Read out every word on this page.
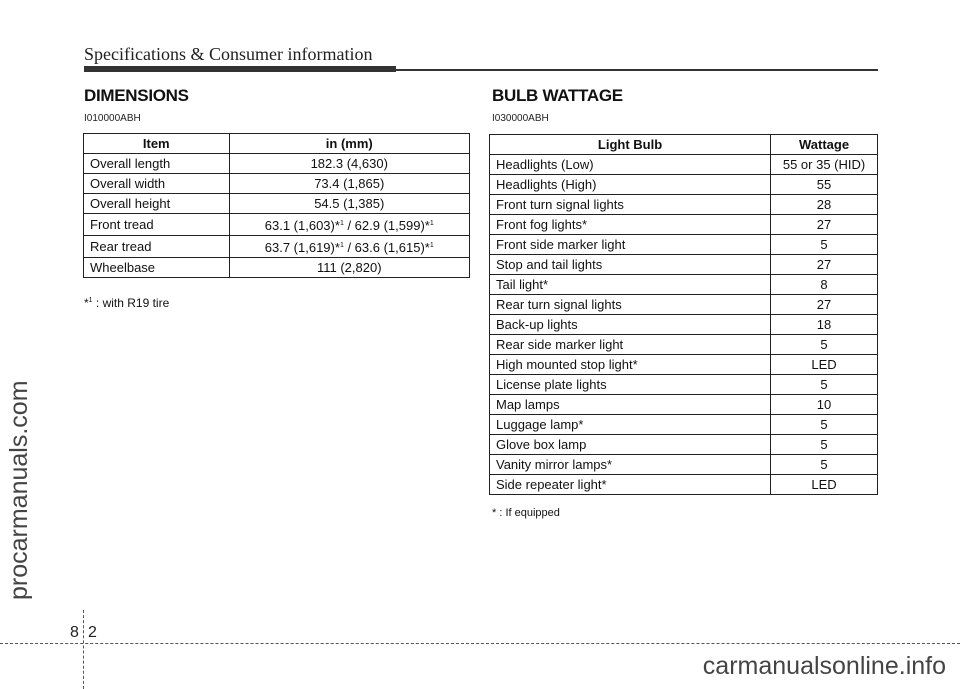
Specifications & Consumer information
DIMENSIONS
I010000ABH
Item	in (mm)
Overall length	182.3 (4,630)
Overall width	73.4 (1,865)
Overall height	54.5 (1,385)
Front tread	63.1 (1,603)*$^1$ / 62.9 (1,599)*$^1$
Rear tread	63.7 (1,619)*$^1$ / 63.6 (1,615)*$^1$
Wheelbase	111 (2,820)
*$^1$ : with R19 tire
BULB WATTAGE
I030000ABH
Light Bulb	Wattage
Headlights (Low)	55 or 35 (HID)
Headlights (High)	55
Front turn signal lights	28
Front fog lights*	27
Front side marker light	5
Stop and tail lights	27
Tail light*	8
Rear turn signal lights	27
Back-up lights	18
Rear side marker light	5
High mounted stop light*	LED
License plate lights	5
Map lamps	10
Luggage lamp*	5
Glove box lamp	5
Vanity mirror lamps*	5
Side repeater light*	LED
* : If equipped
8 2
procarmanuals.com
carmanualsonline.info
